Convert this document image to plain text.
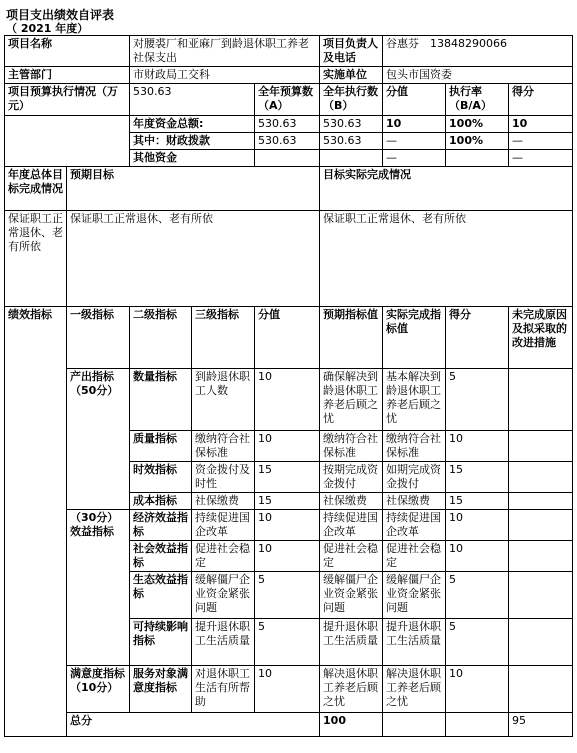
项目支出绩效自评表
（ 2021 年度）
项目名称		对腰裘厂和亚麻厂到龄退休职工养老社保支出			项目负责人及电话	谷惠芬　13848290066			
主管部门		市财政局工交科			实施单位	包头市国资委			
项目预算执行情况（万元）		530.63		全年预算数（A）	全年执行数（B）	分值	执行率（B/A）	得分	
		年度资金总额:		530.63	530.63	10	100%	10	
		其中：财政拨款		530.63	530.63	—	100%	—	
		其他资金				—		—	
年度总体目标完成情况	预期目标				目标实际完成情况				
保证职工正常退休、老有所依	保证职工正常退休、老有所依				保证职工正常退休、老有所依				
绩效指标	一级指标	二级指标	三级指标	分值	预期指标值	实际完成指标值	得分	未完成原因及拟采取的改进措施	
	产出指标（50分）	数量指标	到龄退休职工人数	10	确保解决到龄退休职工养老后顾之忧	基本解决到龄退休职工养老后顾之忧	5		
		质量指标	缴纳符合社保标准	10	缴纳符合社保标准	缴纳符合社保标准	10		
		时效指标	资金拨付及时性	15	按期完成资金拨付	如期完成资金拨付	15		
		成本指标	社保缴费	15	社保缴费	社保缴费	15		
	（30分）效益指标	经济效益指标	持续促进国企改革	10	持续促进国企改革	持续促进国企改革	10		
		社会效益指标	促进社会稳定	10	促进社会稳定	促进社会稳定	10		
		生态效益指标	缓解僵尸企业资金紧张问题	5	缓解僵尸企业资金紧张问题	缓解僵尸企业资金紧张问题	5		
		可持续影响指标	提升退休职工生活质量	5	提升退休职工生活质量	提升退休职工生活质量	5		
	满意度指标（10分）	服务对象满意度指标	对退休职工生活有所帮助	10	解决退休职工养老后顾之忧	解决退休职工养老后顾之忧	10		
	总分				100			95	
